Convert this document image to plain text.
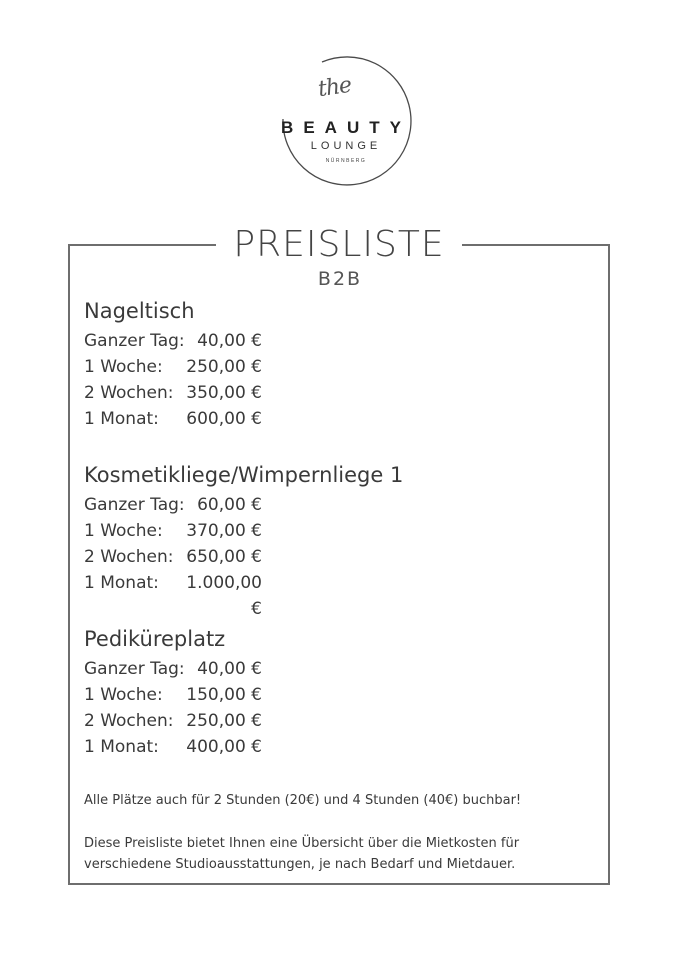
the
BEAUTY
LOUNGE
NÜRNBERG
PREISLISTE
B2B
Nageltisch
Ganzer Tag: 40,00 €
1 Woche:	250,00 €
2 Wochen: 350,00 €
1 Monat:	600,00 €
Kosmetikliege/Wimpernliege 1
Ganzer Tag: 60,00 €
1 Woche:	370,00 €
2 Wochen: 650,00 €
1 Monat:	1.000,00 €
Pediküreplatz
Ganzer Tag: 40,00 €
1 Woche:	150,00 €
2 Wochen: 250,00 €
1 Monat:	400,00 €
Alle Plätze auch für 2 Stunden (20€) und 4 Stunden (40€) buchbar!
Diese Preisliste bietet Ihnen eine Übersicht über die Mietkosten für
verschiedene Studioausstattungen, je nach Bedarf und Mietdauer.
